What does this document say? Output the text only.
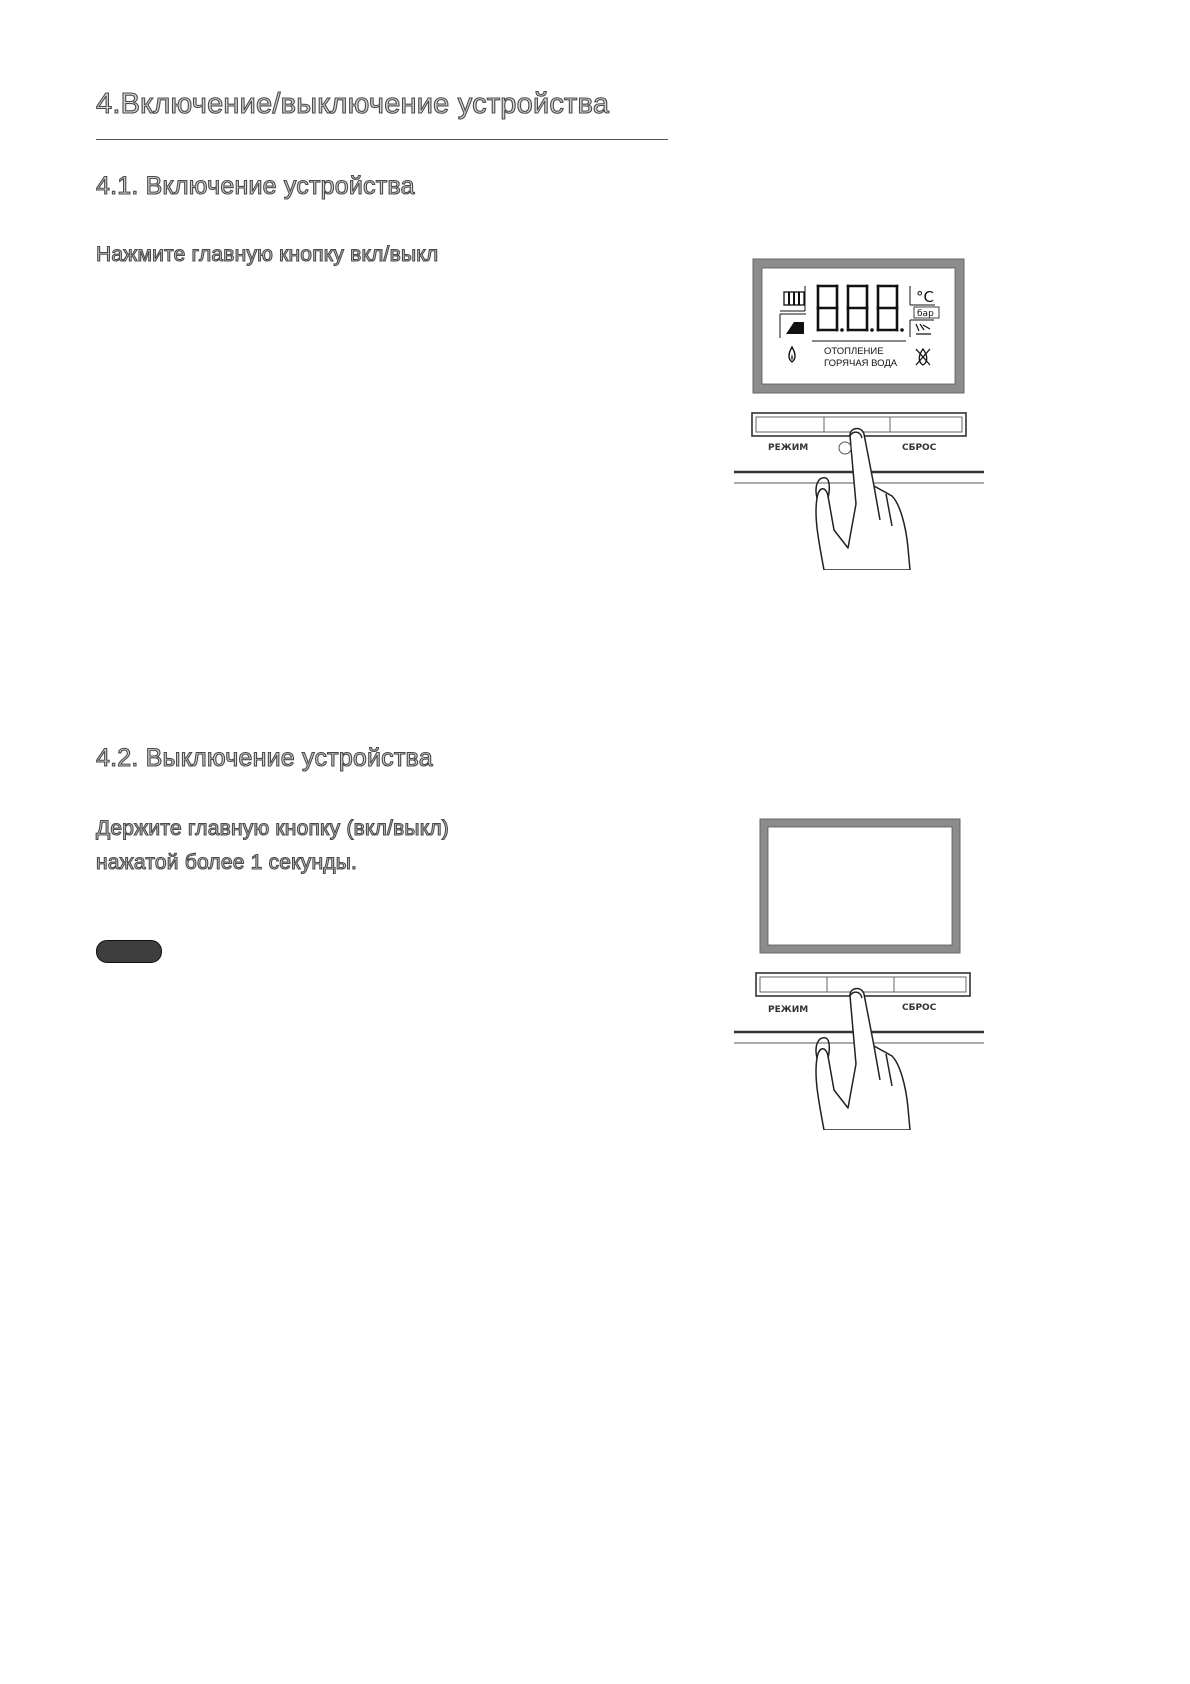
4.Включение/выключение устройства
4.1. Включение устройства
Нажмите главную кнопку вкл/выкл
4.2. Выключение устройства
Держите главную кнопку (вкл/выкл)
нажатой более 1 секунды.
ОТОПЛЕНИЕ
ГОРЯЧАЯ ВОДА
°C
бар
РЕЖИМ	СБРОС
РЕЖИМ	СБРОС
